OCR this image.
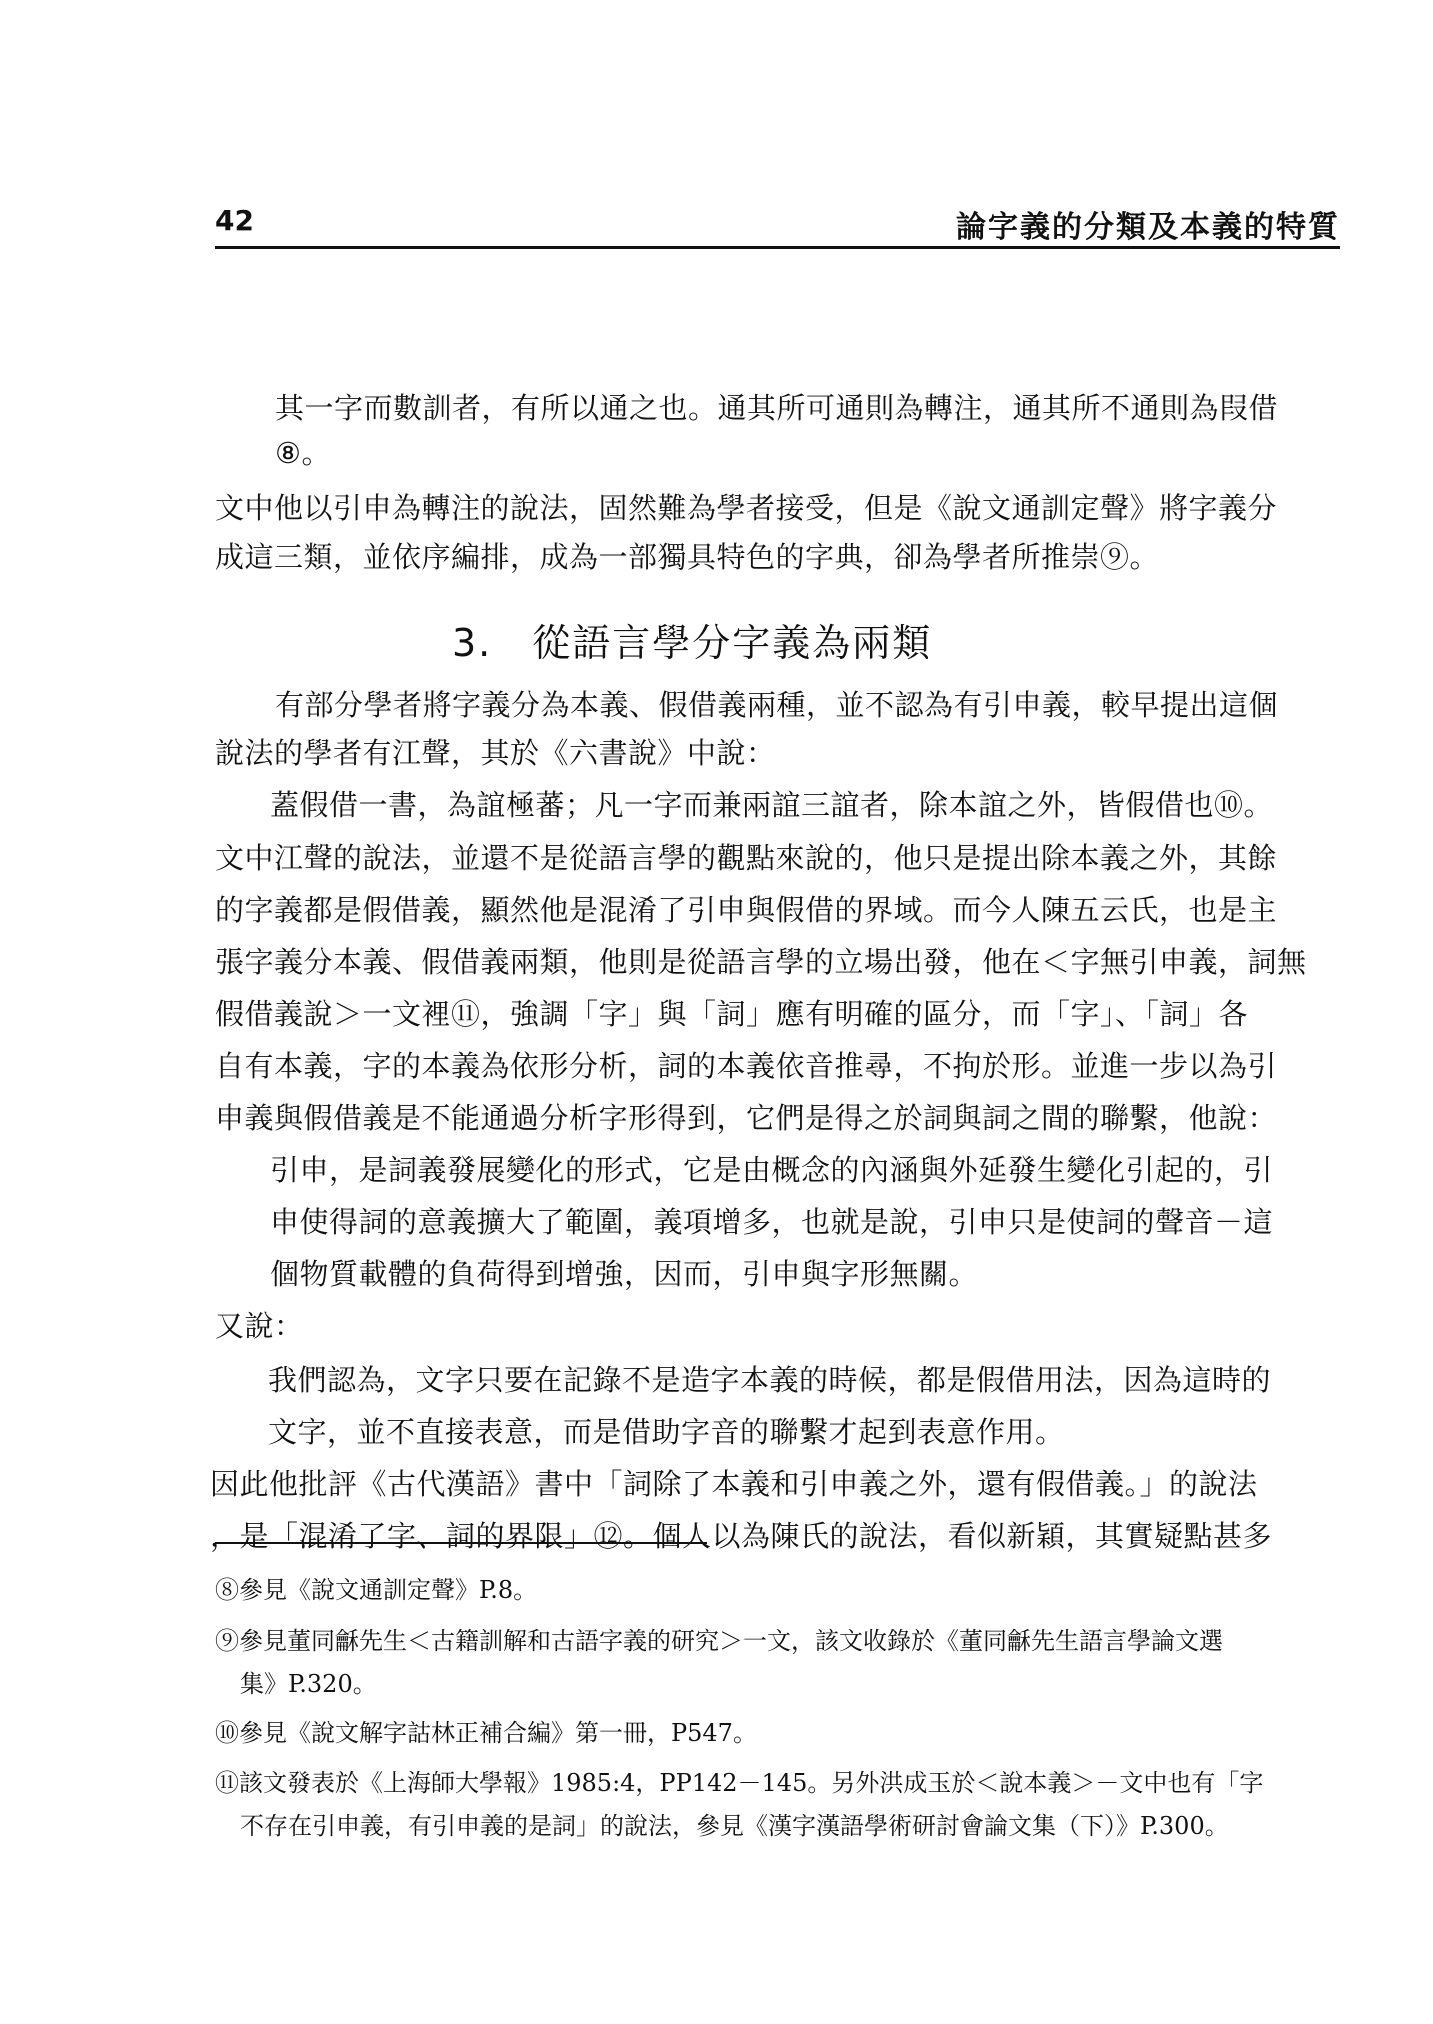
42	論字義的分類及本義的特質
其一字而數訓者，有所以通之也。通其所可通則為轉注，通其所不通則為叚借
⑧。
文中他以引申為轉注的說法，固然難為學者接受，但是《說文通訓定聲》將字義分
成這三類，並依序編排，成為一部獨具特色的字典，卻為學者所推崇⑨。
3. 從語言學分字義為兩類
有部分學者將字義分為本義、假借義兩種，並不認為有引申義，較早提出這個
說法的學者有江聲，其於《六書說》中說：
蓋假借一書，為誼極蕃；凡一字而兼兩誼三誼者，除本誼之外，皆假借也⑩。
文中江聲的說法，並還不是從語言學的觀點來說的，他只是提出除本義之外，其餘
的字義都是假借義，顯然他是混淆了引申與假借的界域。而今人陳五云氏，也是主
張字義分本義、假借義兩類，他則是從語言學的立場出發，他在＜字無引申義，詞無
假借義說＞一文裡⑪，強調「字」與「詞」應有明確的區分，而「字」、「詞」各
自有本義，字的本義為依形分析，詞的本義依音推尋，不拘於形。並進一步以為引
申義與假借義是不能通過分析字形得到，它們是得之於詞與詞之間的聯繫，他說：
引申，是詞義發展變化的形式，它是由概念的內涵與外延發生變化引起的，引
申使得詞的意義擴大了範圍，義項增多，也就是說，引申只是使詞的聲音－這
個物質載體的負荷得到增強，因而，引申與字形無關。
又說：
我們認為，文字只要在記錄不是造字本義的時候，都是假借用法，因為這時的
文字，並不直接表意，而是借助字音的聯繫才起到表意作用。
因此他批評《古代漢語》書中「詞除了本義和引申義之外，還有假借義。」的說法
，是「混淆了字、詞的界限」⑫。個人以為陳氏的說法，看似新穎，其實疑點甚多
⑧參見《說文通訓定聲》P.8。
⑨參見董同龢先生＜古籍訓解和古語字義的研究＞一文，該文收錄於《董同龢先生語言學論文選
集》P.320。
⑩參見《說文解字詁林正補合編》第一冊，P547。
⑪該文發表於《上海師大學報》1985:4，PP142－145。另外洪成玉於＜說本義＞－文中也有「字
不存在引申義，有引申義的是詞」的說法，參見《漢字漢語學術研討會論文集（下）》P.300。
